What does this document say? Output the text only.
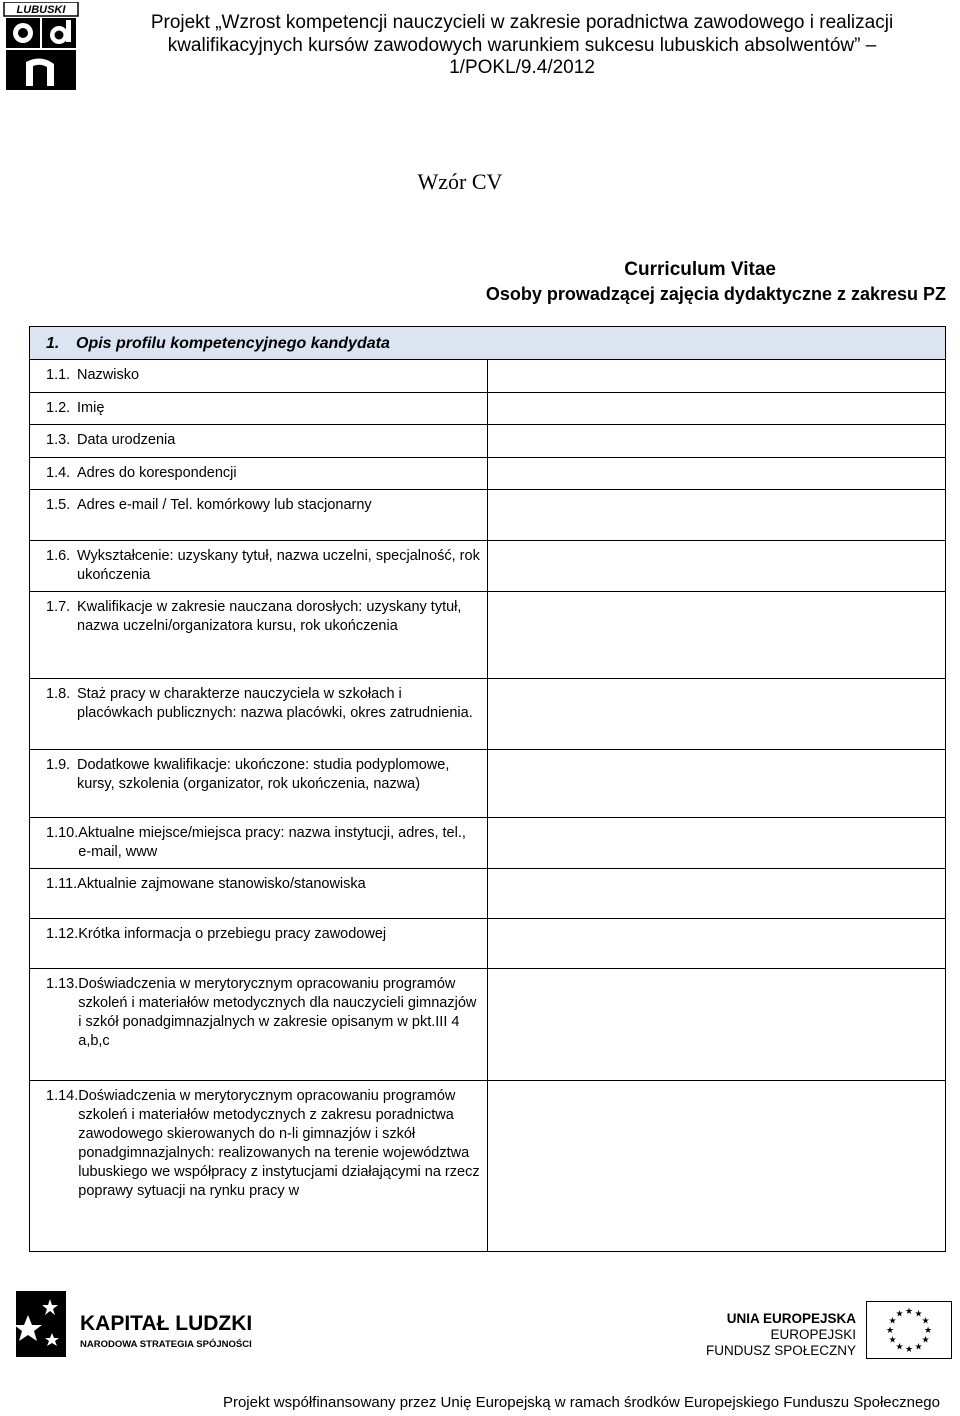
LUBUSKI
Projekt „Wzrost kompetencji nauczycieli w zakresie poradnictwa zawodowego i realizacji
kwalifikacyjnych kursów zawodowych warunkiem sukcesu lubuskich absolwentów” –
1/POKL/9.4/2012
Wzór CV
Curriculum Vitae
Osoby prowadzącej zajęcia dydaktyczne z zakresu PZ
1. Opis profilu kompetencyjnego kandydata	

1.1. Nazwisko	

1.2. Imię	

1.3. Data urodzenia	

1.4. Adres do korespondencji	

1.5. Adres e-mail / Tel. komórkowy lub stacjonarny	

1.6. Wykształcenie: uzyskany tytuł, nazwa uczelni, specjalność, rok ukończenia	

1.7. Kwalifikacje w zakresie nauczana dorosłych: uzyskany tytuł, nazwa uczelni/organizatora kursu, rok ukończenia	

1.8. Staż pracy w charakterze nauczyciela w szkołach i placówkach publicznych: nazwa placówki, okres zatrudnienia.	

1.9. Dodatkowe kwalifikacje: ukończone: studia podyplomowe, kursy, szkolenia (organizator, rok ukończenia, nazwa)	

1.10. Aktualne miejsce/miejsca pracy: nazwa instytucji, adres, tel., e-mail, www	

1.11. Aktualnie zajmowane stanowisko/stanowiska	

1.12. Krótka informacja o przebiegu pracy zawodowej	

1.13. Doświadczenia w merytorycznym opracowaniu programów szkoleń i materiałów metodycznych dla nauczycieli gimnazjów i szkół ponadgimnazjalnych w zakresie opisanym w pkt.III 4 a,b,c	

1.14. Doświadczenia w merytorycznym opracowaniu programów szkoleń i materiałów metodycznych z zakresu poradnictwa zawodowego skierowanych do n-li gimnazjów i szkół ponadgimnazjalnych: realizowanych na terenie województwa lubuskiego we współpracy z instytucjami działającymi na rzecz poprawy sytuacji na rynku pracy w	

KAPITAŁ LUDZKI
NARODOWA STRATEGIA SPÓJNOŚCI
UNIA EUROPEJSKA
EUROPEJSKI
FUNDUSZ SPOŁECZNY
★ ★
★
★
★
★
★
★
★
★
★
★
Projekt współfinansowany przez Unię Europejską w ramach środków Europejskiego Funduszu Społecznego
